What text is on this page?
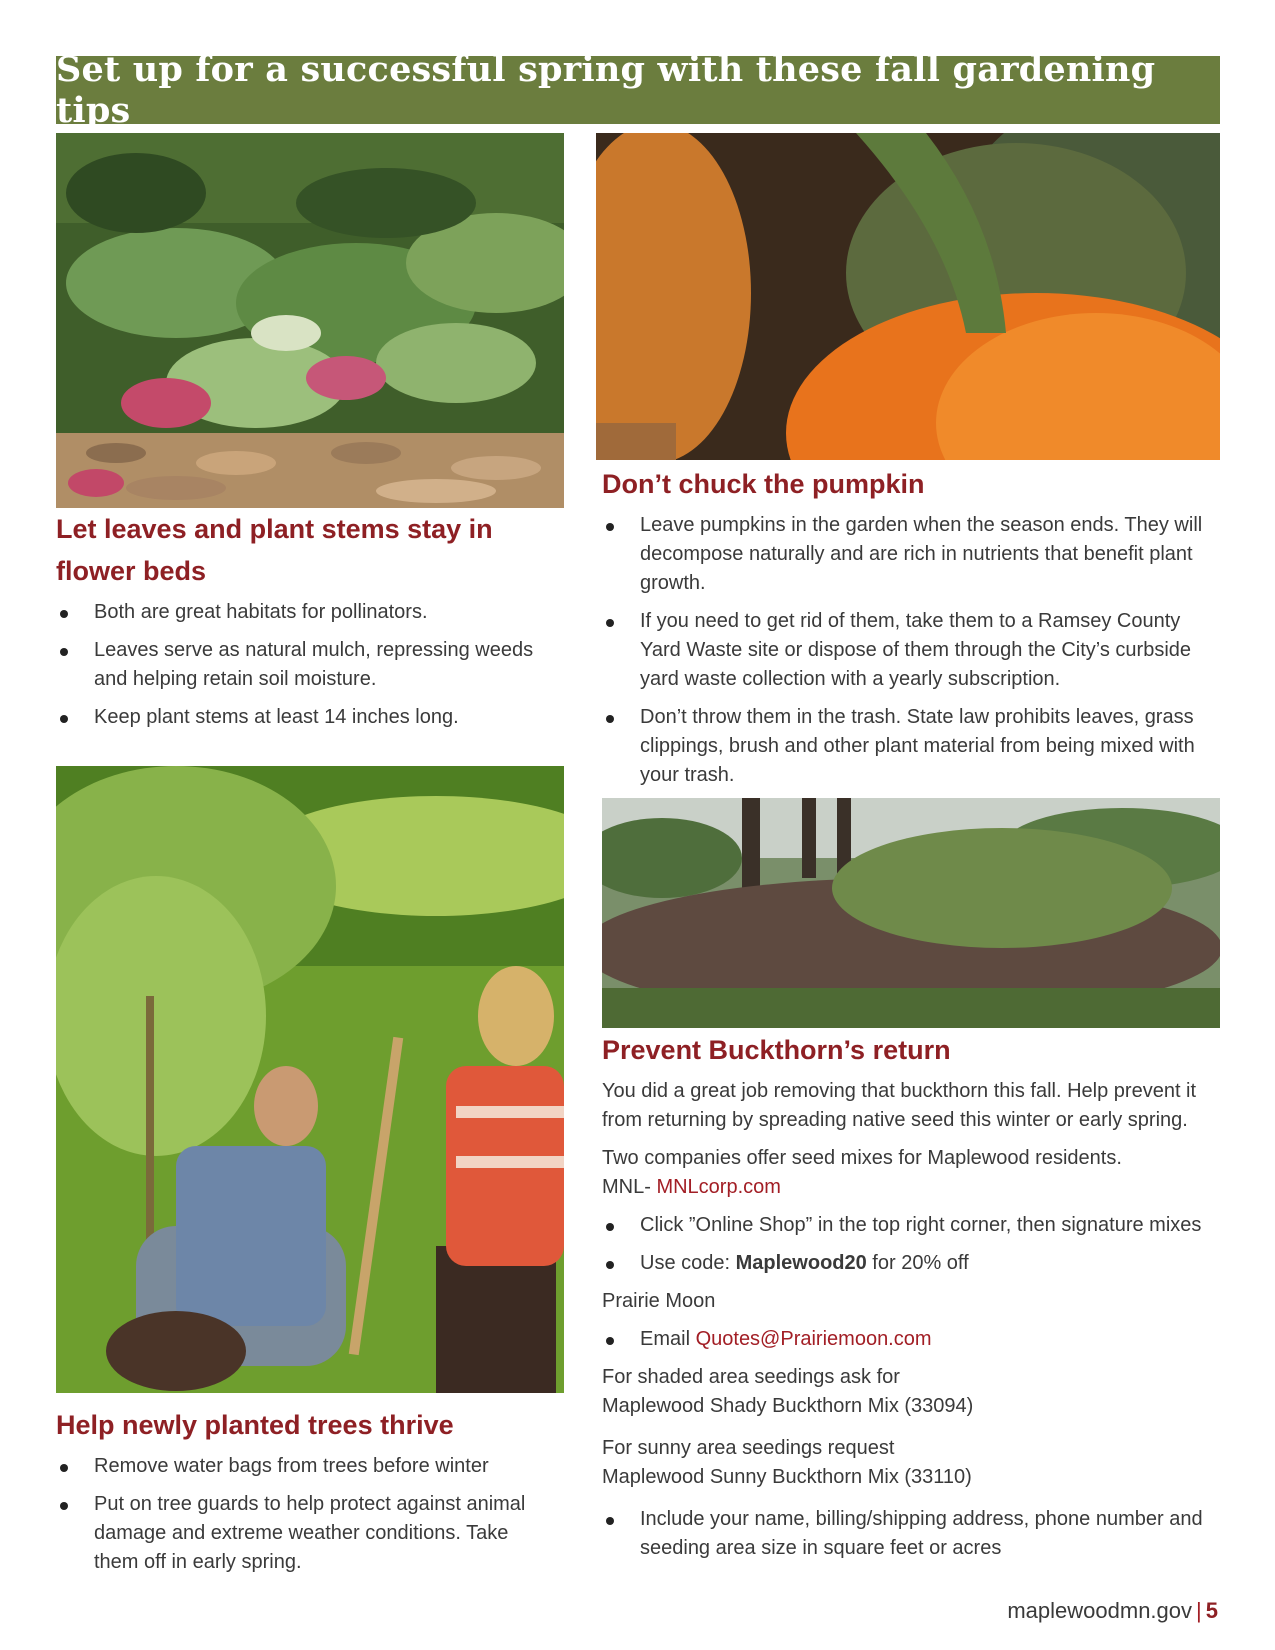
Set up for a successful spring with these fall gardening tips
Let leaves and plant stems stay in flower beds
Both are great habitats for pollinators.
Leaves serve as natural mulch, repressing weeds and helping retain soil moisture.
Keep plant stems at least 14 inches long.
Help newly planted trees thrive
Remove water bags from trees before winter
Put on tree guards to help protect against animal damage and extreme weather conditions. Take them off in early spring.
Don’t chuck the pumpkin
Leave pumpkins in the garden when the season ends. They will decompose naturally and are rich in nutrients that benefit plant growth.
If you need to get rid of them, take them to a Ramsey County Yard Waste site or dispose of them through the City’s curbside yard waste collection with a yearly subscription.
Don’t throw them in the trash. State law prohibits leaves, grass clippings, brush and other plant material from being mixed with your trash.
Prevent Buckthorn’s return

You did a great job removing that buckthorn this fall. Help prevent it from returning by spreading native seed this winter or early spring.

Two companies offer seed mixes for Maplewood residents.
MNL- MNLcorp.com

Click ”Online Shop” in the top right corner, then signature mixes
Use code: Maplewood20 for 20% off

Prairie Moon

Email Quotes@Prairiemoon.com

For shaded area seedings ask for
Maplewood Shady Buckthorn Mix (33094)

For sunny area seedings request
Maplewood Sunny Buckthorn Mix (33110)

Include your name, billing/shipping address, phone number and seeding area size in square feet or acres
maplewoodmn.gov | 5
